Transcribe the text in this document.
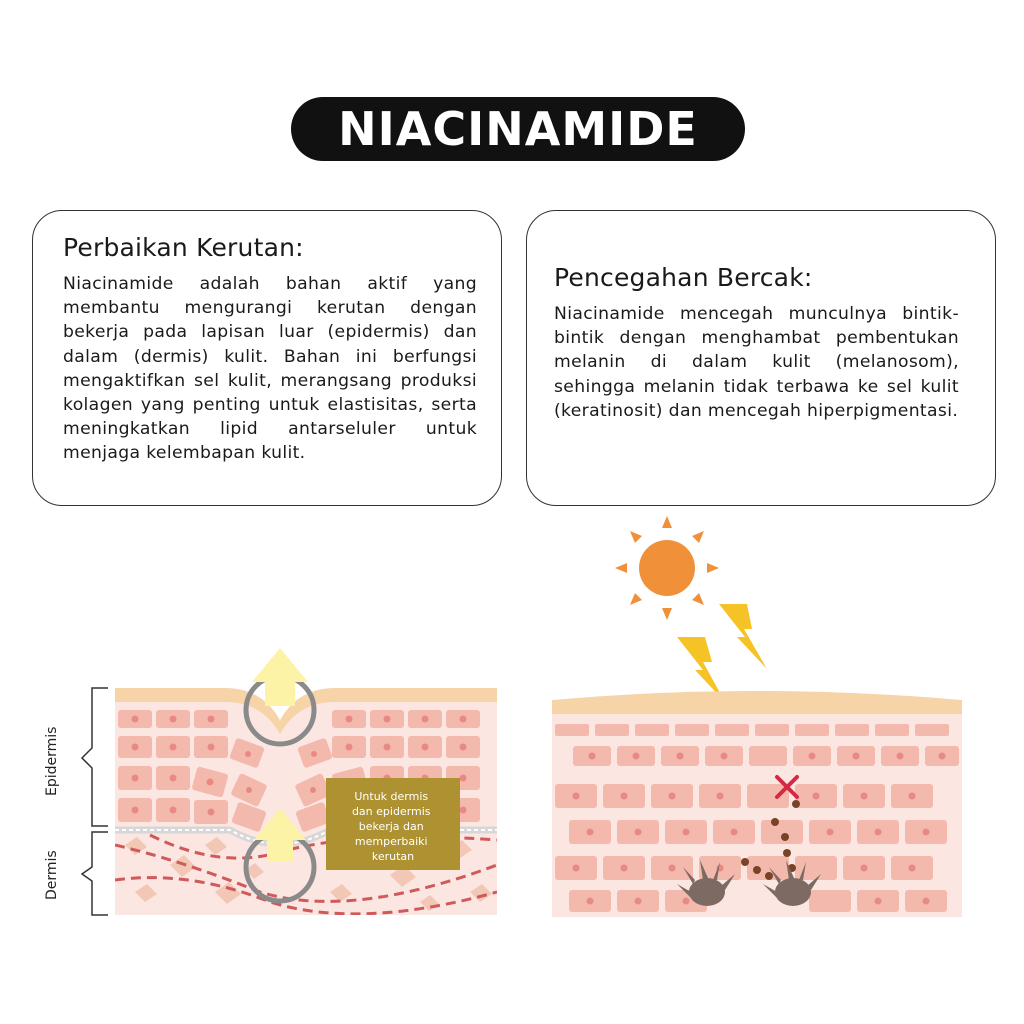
NIACINAMIDE
Perbaikan Kerutan:

Niacinamide adalah bahan aktif yang membantu mengurangi kerutan dengan bekerja pada lapisan luar (epidermis) dan dalam (dermis) kulit. Bahan ini berfungsi mengaktifkan sel kulit, merangsang produksi kolagen yang penting untuk elastisitas, serta meningkatkan lipid antarseluler untuk menjaga kelembapan kulit.

Pencegahan Bercak:

Niacinamide mencegah munculnya bintik-bintik dengan menghambat pembentukan melanin di dalam kulit (melanosom), sehingga melanin tidak terbawa ke sel kulit (keratinosit) dan mencegah hiperpigmentasi.

Epidermis
Dermis
Untuk dermis dan epidermis bekerja dan memperbaiki kerutan
